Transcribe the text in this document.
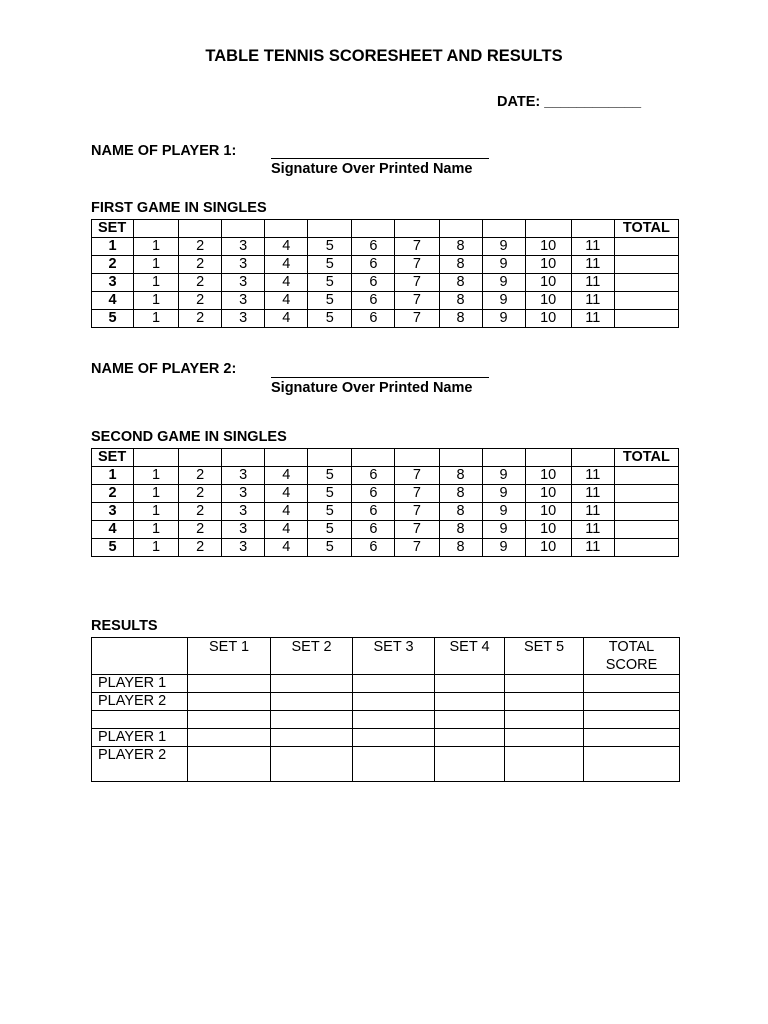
TABLE TENNIS SCORESHEET AND RESULTS
DATE: ____________
NAME OF PLAYER 1:
Signature Over Printed Name
FIRST GAME IN SINGLES
SET												TOTAL
1	1	2	3	4	5	6	7	8	9	10	11	
2	1	2	3	4	5	6	7	8	9	10	11	
3	1	2	3	4	5	6	7	8	9	10	11	
4	1	2	3	4	5	6	7	8	9	10	11	
5	1	2	3	4	5	6	7	8	9	10	11	
NAME OF PLAYER 2:
Signature Over Printed Name
SECOND GAME IN SINGLES
SET												TOTAL
1	1	2	3	4	5	6	7	8	9	10	11	
2	1	2	3	4	5	6	7	8	9	10	11	
3	1	2	3	4	5	6	7	8	9	10	11	
4	1	2	3	4	5	6	7	8	9	10	11	
5	1	2	3	4	5	6	7	8	9	10	11	
RESULTS
	SET 1	SET 2	SET 3	SET 4	SET 5	TOTAL SCORE
PLAYER 1						
PLAYER 2						

PLAYER 1						
PLAYER 2						
